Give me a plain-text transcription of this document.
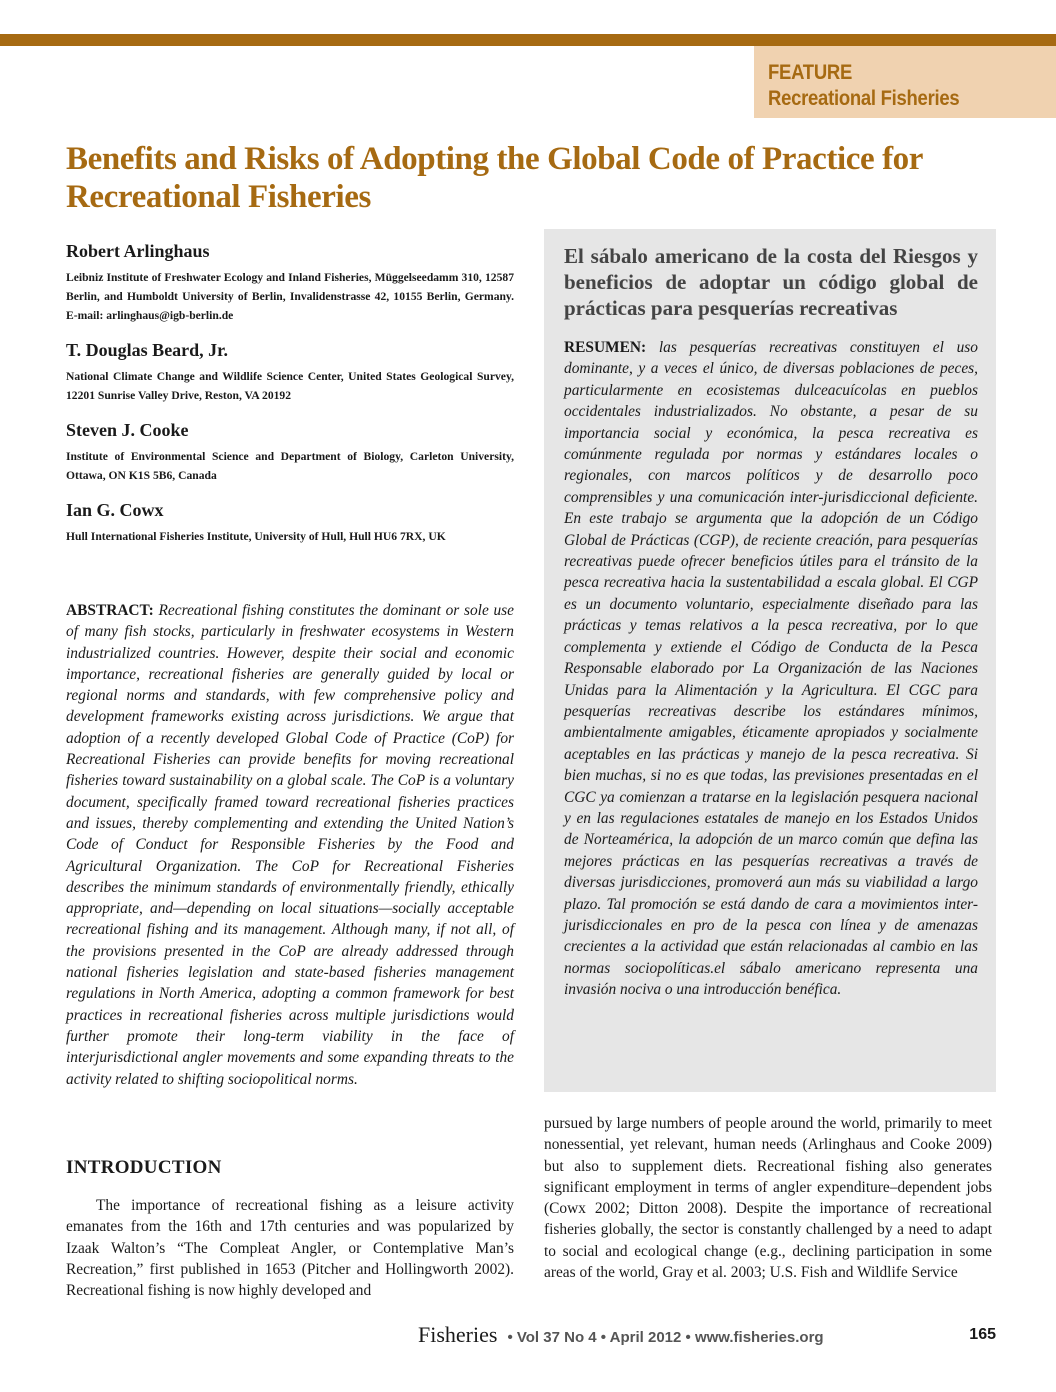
FEATURE
Recreational Fisheries
Benefits and Risks of Adopting the Global Code of Practice for Recreational Fisheries
Robert Arlinghaus
Leibniz Institute of Freshwater Ecology and Inland Fisheries, Müggelseedamm 310, 12587 Berlin, and Humboldt University of Berlin, Invalidenstrasse 42, 10155 Berlin, Germany. E-mail: arlinghaus@igb-berlin.de
T. Douglas Beard, Jr.
National Climate Change and Wildlife Science Center, United States Geological Survey, 12201 Sunrise Valley Drive, Reston, VA 20192
Steven J. Cooke
Institute of Environmental Science and Department of Biology, Carleton University, Ottawa, ON K1S 5B6, Canada
Ian G. Cowx
Hull International Fisheries Institute, University of Hull, Hull HU6 7RX, UK

ABSTRACT: Recreational fishing constitutes the dominant or sole use of many fish stocks, particularly in freshwater ecosystems in Western industrialized countries. However, despite their social and economic importance, recreational fisheries are generally guided by local or regional norms and standards, with few comprehensive policy and development frameworks existing across jurisdictions. We argue that adoption of a recently developed Global Code of Practice (CoP) for Recreational Fisheries can provide benefits for moving recreational fisheries toward sustainability on a global scale. The CoP is a voluntary document, specifically framed toward recreational fisheries practices and issues, thereby complementing and extending the United Nation’s Code of Conduct for Responsible Fisheries by the Food and Agricultural Organization. The CoP for Recreational Fisheries describes the minimum standards of environmentally friendly, ethically appropriate, and—depending on local situations—socially acceptable recreational fishing and its management. Although many, if not all, of the provisions presented in the CoP are already addressed through national fisheries legislation and state-based fisheries management regulations in North America, adopting a common framework for best practices in recreational fisheries across multiple jurisdictions would further promote their long-term viability in the face of interjurisdictional angler movements and some expanding threats to the activity related to shifting sociopolitical norms.

INTRODUCTION

The importance of recreational fishing as a leisure activity emanates from the 16th and 17th centuries and was popularized by Izaak Walton’s “The Compleat Angler, or Contemplative Man’s Recreation,” first published in 1653 (Pitcher and Hollingworth 2002). Recreational fishing is now highly developed and

El sábalo americano de la costa del Riesgos y beneficios de adoptar un código global de prácticas para pesquerías recreativas

RESUMEN: las pesquerías recreativas constituyen el uso dominante, y a veces el único, de diversas poblaciones de peces, particularmente en ecosistemas dulceacuícolas en pueblos occidentales industrializados. No obstante, a pesar de su importancia social y económica, la pesca recreativa es comúnmente regulada por normas y estándares locales o regionales, con marcos políticos y de desarrollo poco comprensibles y una comunicación inter-jurisdiccional deficiente. En este trabajo se argumenta que la adopción de un Código Global de Prácticas (CGP), de reciente creación, para pesquerías recreativas puede ofrecer beneficios útiles para el tránsito de la pesca recreativa hacia la sustentabilidad a escala global. El CGP es un documento voluntario, especialmente diseñado para las prácticas y temas relativos a la pesca recreativa, por lo que complementa y extiende el Código de Conducta de la Pesca Responsable elaborado por La Organización de las Naciones Unidas para la Alimentación y la Agricultura. El CGC para pesquerías recreativas describe los estándares mínimos, ambientalmente amigables, éticamente apropiados y socialmente aceptables en las prácticas y manejo de la pesca recreativa. Si bien muchas, si no es que todas, las previsiones presentadas en el CGC ya comienzan a tratarse en la legislación pesquera nacional y en las regulaciones estatales de manejo en los Estados Unidos de Norteamérica, la adopción de un marco común que defina las mejores prácticas en las pesquerías recreativas a través de diversas jurisdicciones, promoverá aun más su viabilidad a largo plazo. Tal promoción se está dando de cara a movimientos inter-jurisdiccionales en pro de la pesca con línea y de amenazas crecientes a la actividad que están relacionadas al cambio en las normas sociopolíticas.el sábalo americano representa una invasión nociva o una introducción benéfica.

pursued by large numbers of people around the world, primarily to meet nonessential, yet relevant, human needs (Arlinghaus and Cooke 2009) but also to supplement diets. Recreational fishing also generates significant employment in terms of angler expenditure–dependent jobs (Cowx 2002; Ditton 2008). Despite the importance of recreational fisheries globally, the sector is constantly challenged by a need to adapt to social and ecological change (e.g., declining participation in some areas of the world, Gray et al. 2003; U.S. Fish and Wildlife Service

Fisheries • Vol 37 No 4 • April 2012 • www.fisheries.org	165
